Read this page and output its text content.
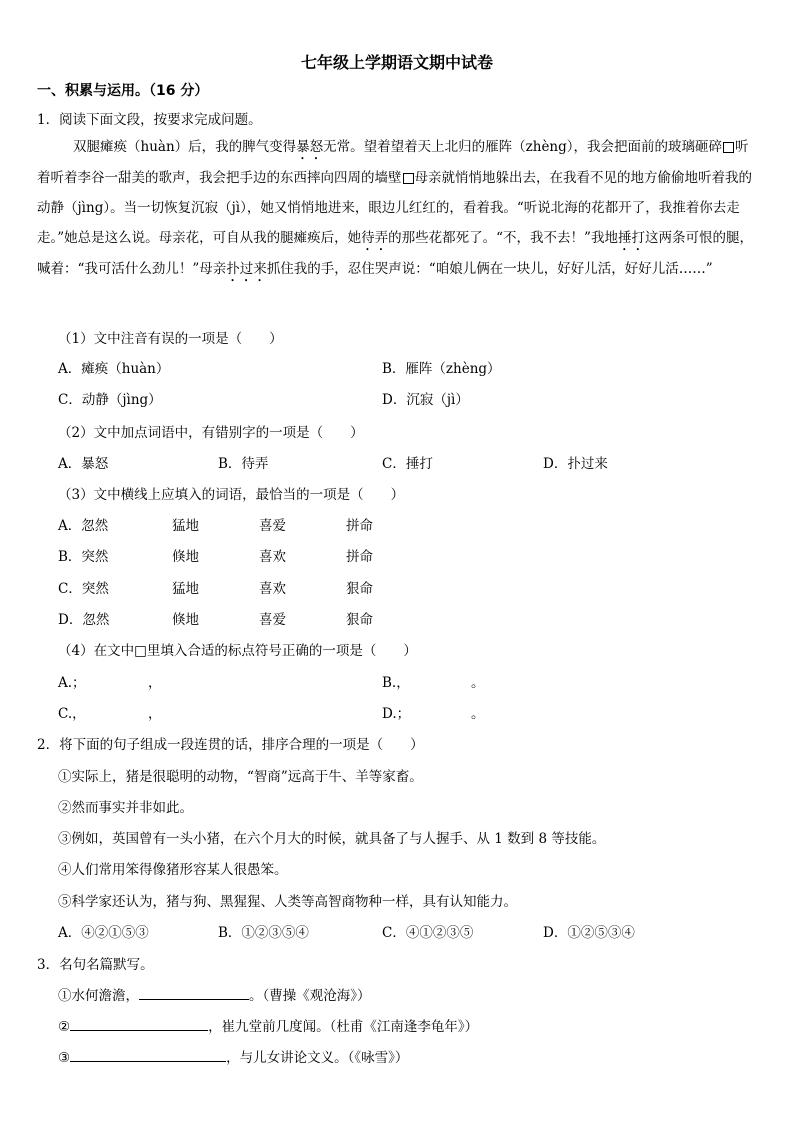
七年级上学期语文期中试卷
一、积累与运用。（16 分）
1．阅读下面文段，按要求完成问题。
双腿瘫痪（huàn）后，我的脾气变得暴怒无常。望着望着天上北归的雁阵（zhèng），我会把面前的玻璃砸碎 听着听着李谷一甜美的歌声，我会把手边的东西摔向四周的墙壁 母亲就悄悄地躲出去，在我看不见的地方偷偷地听着我的动静（jìng）。当一切恢复沉寂（jì），她又悄悄地进来，眼边儿红红的，看着我。“听说北海的花都开了，我推着你去走走。”她总是这么说。母亲花，可自从我的腿瘫痪后，她待弄的那些花都死了。“不，我不去！”我地捶打这两条可恨的腿，喊着：“我可活什么劲儿！”母亲扑过来抓住我的手，忍住哭声说：“咱娘儿俩在一块儿，好好儿活，好好儿活……”
（1）文中注音有误的一项是（　　）
A．瘫痪（huàn）	B．雁阵（zhèng）
C．动静（jìng）	D．沉寂（jì）
（2）文中加点词语中，有错别字的一项是（　　）
A．暴怒	B．待弄	C．捶打	D．扑过来
（3）文中横线上应填入的词语，最恰当的一项是（　　）
A．忽然	猛地	喜爱	拼命
B．突然	倏地	喜欢	拼命
C．突然	猛地	喜欢	狠命
D．忽然	倏地	喜爱	狠命
（4）在文中□里填入合适的标点符号正确的一项是（　　）
A.；	，	B.，	。
C.，	，	D.；	。
2．将下面的句子组成一段连贯的话，排序合理的一项是（　　）
①实际上，猪是很聪明的动物，“智商”远高于牛、羊等家畜。
②然而事实并非如此。
③例如，英国曾有一头小猪，在六个月大的时候，就具备了与人握手、从 1 数到 8 等技能。
④人们常用笨得像猪形容某人很愚笨。
⑤科学家还认为，猪与狗、黑猩猩、人类等高智商物种一样，具有认知能力。
A．④②①⑤③	B．①②③⑤④	C．④①②③⑤	D．①②⑤③④
3．名句名篇默写。
①水何澹澹，	。（曹操《观沧海》）
②	，崔九堂前几度闻。（杜甫《江南逢李龟年》）
③	，与儿女讲论文义。（《咏雪》）
